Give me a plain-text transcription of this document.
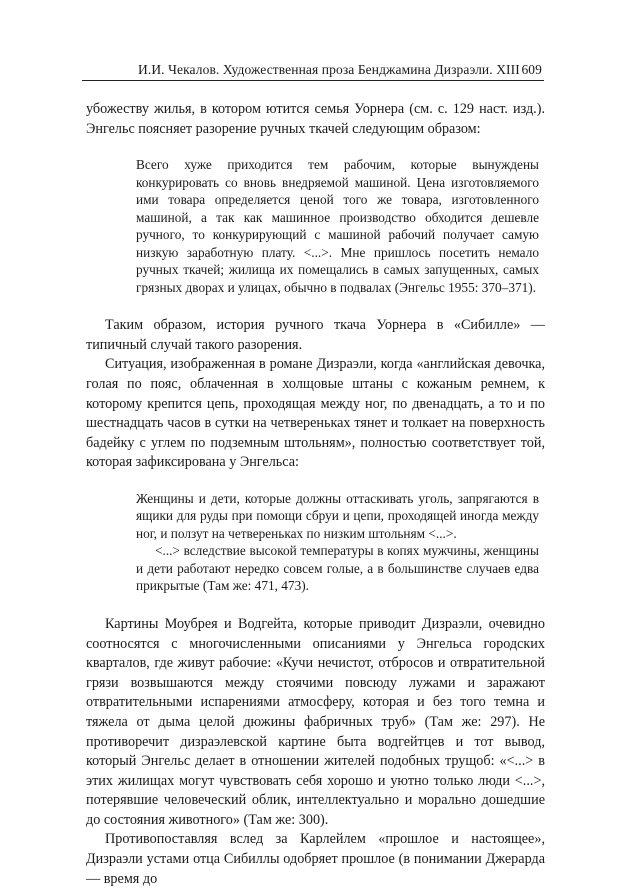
И.И. Чекалов. Художественная проза Бенджамина Дизраэли. XIII 609

убожеству жилья, в котором ютится семья Уорнера (см. с. 129 наст. изд.). Энгельс поясняет разорение ручных ткачей следующим образом:

Всего хуже приходится тем рабочим, которые вынуждены конкурировать со вновь внедряемой машиной. Цена изготовляемого ими товара определяется ценой того же товара, изготовленного машиной, а так как машинное производство обходится дешевле ручного, то конкурирующий с машиной рабочий получает самую низкую заработную плату. <...>. Мне пришлось посетить немало ручных ткачей; жилища их помещались в самых запущенных, самых грязных дворах и улицах, обычно в подвалах (Энгельс 1955: 370–371).

Таким образом, история ручного ткача Уорнера в «Сибилле» — типичный случай такого разорения.

Ситуация, изображенная в романе Дизраэли, когда «английская девочка, голая по пояс, облаченная в холщовые штаны с кожаным ремнем, к которому крепится цепь, проходящая между ног, по двенадцать, а то и по шестнадцать часов в сутки на четвереньках тянет и толкает на поверхность бадейку с углем по подземным штольням», полностью соответствует той, которая зафиксирована у Энгельса:

Женщины и дети, которые должны оттаскивать уголь, запрягаются в ящики для руды при помощи сбруи и цепи, проходящей иногда между ног, и ползут на четвереньках по низким штольням <...>.

<...> вследствие высокой температуры в копях мужчины, женщины и дети работают нередко совсем голые, а в большинстве случаев едва прикрытые (Там же: 471, 473).

Картины Моубрея и Водгейта, которые приводит Дизраэли, очевидно соотносятся с многочисленными описаниями у Энгельса городских кварталов, где живут рабочие: «Кучи нечистот, отбросов и отвратительной грязи возвышаются между стоячими повсюду лужами и заражают отвратительными испарениями атмосферу, которая и без того темна и тяжела от дыма целой дюжины фабричных труб» (Там же: 297). Не противоречит дизраэлевской картине быта водгейтцев и тот вывод, который Энгельс делает в отношении жителей подобных трущоб: «<...> в этих жилищах могут чувствовать себя хорошо и уютно только люди <...>, потерявшие человеческий облик, интеллектуально и морально дошедшие до состояния животного» (Там же: 300).

Противопоставляя вслед за Карлейлем «прошлое и настоящее», Дизраэли устами отца Сибиллы одобряет прошлое (в понимании Джерарда — время до
